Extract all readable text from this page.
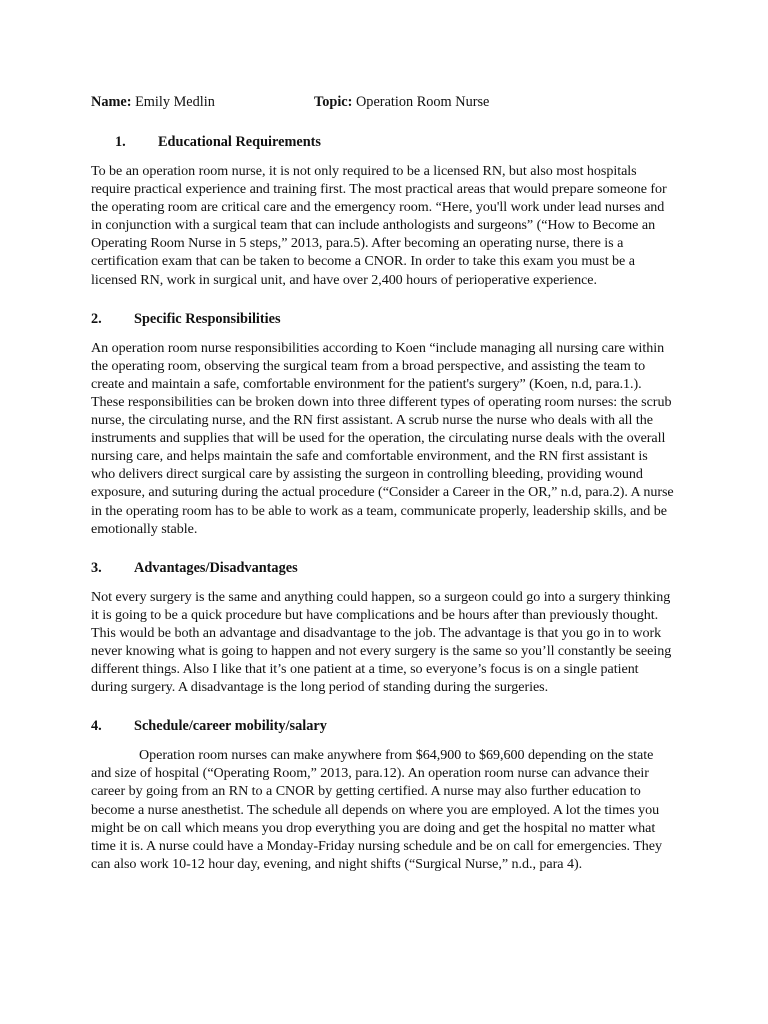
Name: Emily Medlin	Topic: Operation Room Nurse
1. Educational Requirements

To be an operation room nurse, it is not only required to be a licensed RN, but also most hospitals require practical experience and training first. The most practical areas that would prepare someone for the operating room are critical care and the emergency room. “Here, you'll work under lead nurses and in conjunction with a surgical team that can include anthologists and surgeons” (“How to Become an Operating Room Nurse in 5 steps,” 2013, para.5). After becoming an operating nurse, there is a certification exam that can be taken to become a CNOR. In order to take this exam you must be a licensed RN, work in surgical unit, and have over 2,400 hours of perioperative experience.

2. Specific Responsibilities

An operation room nurse responsibilities according to Koen “include managing all nursing care within the operating room, observing the surgical team from a broad perspective, and assisting the team to create and maintain a safe, comfortable environment for the patient's surgery” (Koen, n.d, para.1.). These responsibilities can be broken down into three different types of operating room nurses: the scrub nurse, the circulating nurse, and the RN first assistant. A scrub nurse the nurse who deals with all the instruments and supplies that will be used for the operation, the circulating nurse deals with the overall nursing care, and helps maintain the safe and comfortable environment, and the RN first assistant is who delivers direct surgical care by assisting the surgeon in controlling bleeding, providing wound exposure, and suturing during the actual procedure (“Consider a Career in the OR,” n.d, para.2). A nurse in the operating room has to be able to work as a team, communicate properly, leadership skills, and be emotionally stable.

3. Advantages/Disadvantages

Not every surgery is the same and anything could happen, so a surgeon could go into a surgery thinking it is going to be a quick procedure but have complications and be hours after than previously thought. This would be both an advantage and disadvantage to the job. The advantage is that you go in to work never knowing what is going to happen and not every surgery is the same so you’ll constantly be seeing different things. Also I like that it’s one patient at a time, so everyone’s focus is on a single patient during surgery. A disadvantage is the long period of standing during the surgeries.

4. Schedule/career mobility/salary

Operation room nurses can make anywhere from $64,900 to $69,600 depending on the state and size of hospital (“Operating Room,” 2013, para.12). An operation room nurse can advance their career by going from an RN to a CNOR by getting certified. A nurse may also further education to become a nurse anesthetist. The schedule all depends on where you are employed. A lot the times you might be on call which means you drop everything you are doing and get the hospital no matter what time it is. A nurse could have a Monday-Friday nursing schedule and be on call for emergencies. They can also work 10-12 hour day, evening, and night shifts (“Surgical Nurse,” n.d., para 4).
